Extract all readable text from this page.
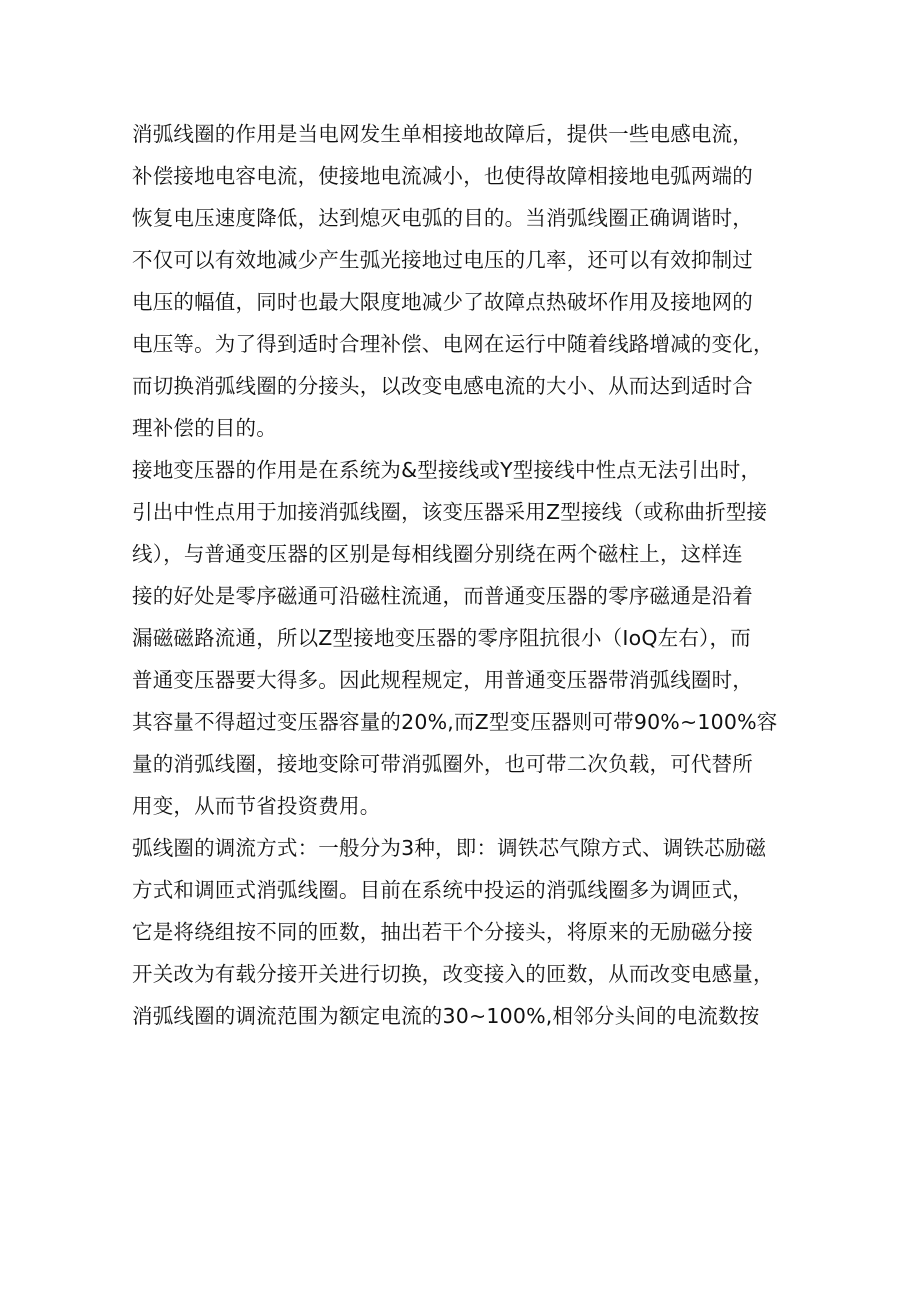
消弧线圈的作用是当电网发生单相接地故障后，提供一些电感电流，
补偿接地电容电流，使接地电流减小，也使得故障相接地电弧两端的
恢复电压速度降低，达到熄灭电弧的目的。当消弧线圈正确调谐时，
不仅可以有效地减少产生弧光接地过电压的几率，还可以有效抑制过
电压的幅值，同时也最大限度地减少了故障点热破坏作用及接地网的
电压等。为了得到适时合理补偿、电网在运行中随着线路增减的变化，
而切换消弧线圈的分接头，以改变电感电流的大小、从而达到适时合
理补偿的目的。
接地变压器的作用是在系统为&型接线或Y型接线中性点无法引出时，
引出中性点用于加接消弧线圈，该变压器采用Z型接线（或称曲折型接
线），与普通变压器的区别是每相线圈分别绕在两个磁柱上，这样连
接的好处是零序磁通可沿磁柱流通，而普通变压器的零序磁通是沿着
漏磁磁路流通，所以Z型接地变压器的零序阻抗很小（IoQ左右），而
普通变压器要大得多。因此规程规定，用普通变压器带消弧线圈时，
其容量不得超过变压器容量的20%,而Z型变压器则可带90%~100%容
量的消弧线圈，接地变除可带消弧圈外，也可带二次负载，可代替所
用变，从而节省投资费用。
弧线圈的调流方式：一般分为3种，即：调铁芯气隙方式、调铁芯励磁
方式和调匝式消弧线圈。目前在系统中投运的消弧线圈多为调匝式，
它是将绕组按不同的匝数，抽出若干个分接头，将原来的无励磁分接
开关改为有载分接开关进行切换，改变接入的匝数，从而改变电感量，
消弧线圈的调流范围为额定电流的30~100%,相邻分头间的电流数按
